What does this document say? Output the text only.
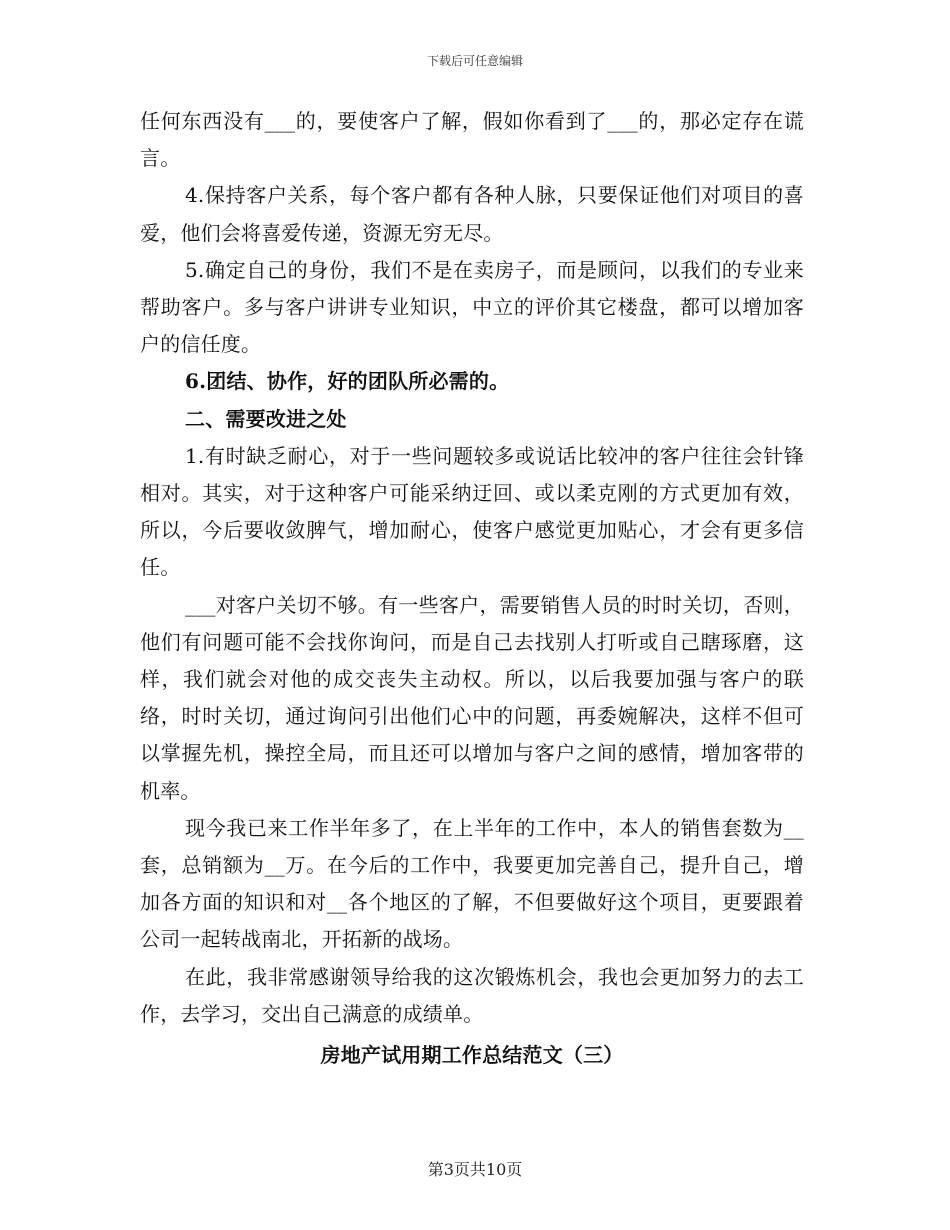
下载后可任意编辑

任何东西没有___的，要使客户了解，假如你看到了___的，那必定存在谎言。

4.保持客户关系，每个客户都有各种人脉，只要保证他们对项目的喜爱，他们会将喜爱传递，资源无穷无尽。

5.确定自己的身份，我们不是在卖房子，而是顾问，以我们的专业来帮助客户。多与客户讲讲专业知识，中立的评价其它楼盘，都可以增加客户的信任度。

6.团结、协作，好的团队所必需的。

二、需要改进之处

1.有时缺乏耐心，对于一些问题较多或说话比较冲的客户往往会针锋相对。其实，对于这种客户可能采纳迂回、或以柔克刚的方式更加有效，所以，今后要收敛脾气，增加耐心，使客户感觉更加贴心，才会有更多信任。

___对客户关切不够。有一些客户，需要销售人员的时时关切，否则，他们有问题可能不会找你询问，而是自己去找别人打听或自己瞎琢磨，这样，我们就会对他的成交丧失主动权。所以，以后我要加强与客户的联络，时时关切，通过询问引出他们心中的问题，再委婉解决，这样不但可以掌握先机，操控全局，而且还可以增加与客户之间的感情，增加客带的机率。

现今我已来工作半年多了，在上半年的工作中，本人的销售套数为__套，总销额为__万。在今后的工作中，我要更加完善自己，提升自己，增加各方面的知识和对__各个地区的了解，不但要做好这个项目，更要跟着公司一起转战南北，开拓新的战场。

在此，我非常感谢领导给我的这次锻炼机会，我也会更加努力的去工作，去学习，交出自己满意的成绩单。

房地产试用期工作总结范文（三）

第3页共10页
